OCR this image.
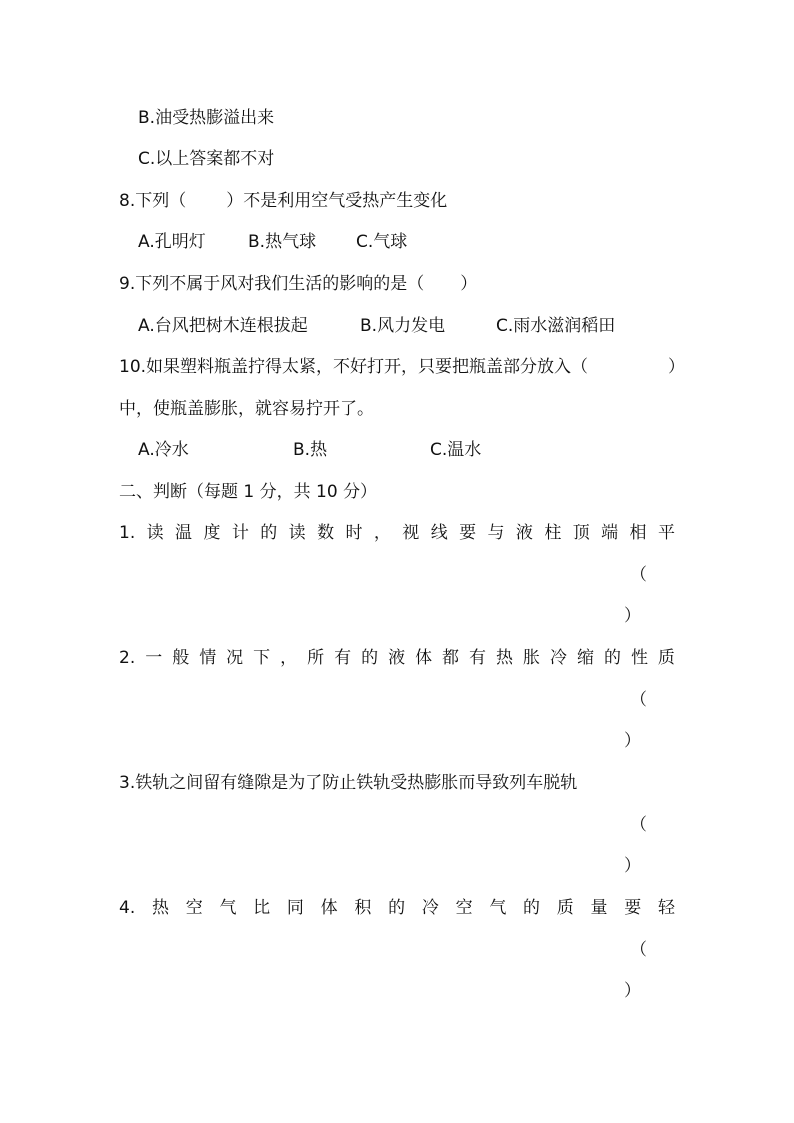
B.油受热膨溢出来
C.以上答案都不对
8.下列（ ）不是利用空气受热产生变化
A.孔明灯 B.热气球 C.气球
9.下列不属于风对我们生活的影响的是（ ）
A.台风把树木连根拔起	B.风力发电	C.雨水滋润稻田
10.如果塑料瓶盖拧得太紧，不好打开，只要把瓶盖部分放入（	）
中，使瓶盖膨胀，就容易拧开了。
A.冷水	B.热	C.温水
二、判断（每题 1 分，共 10 分）
1. 读 温 度 计 的 读 数 时 ， 视 线 要 与 液 柱 顶 端 相 平
（
）
2. 一 般 情 况 下 ， 所 有 的 液 体 都 有 热 胀 冷 缩 的 性 质
（
）
3.铁轨之间留有缝隙是为了防止铁轨受热膨胀而导致列车脱轨
（
）
4. 热 空 气 比 同 体 积 的 冷 空 气 的 质 量 要 轻
（
）
